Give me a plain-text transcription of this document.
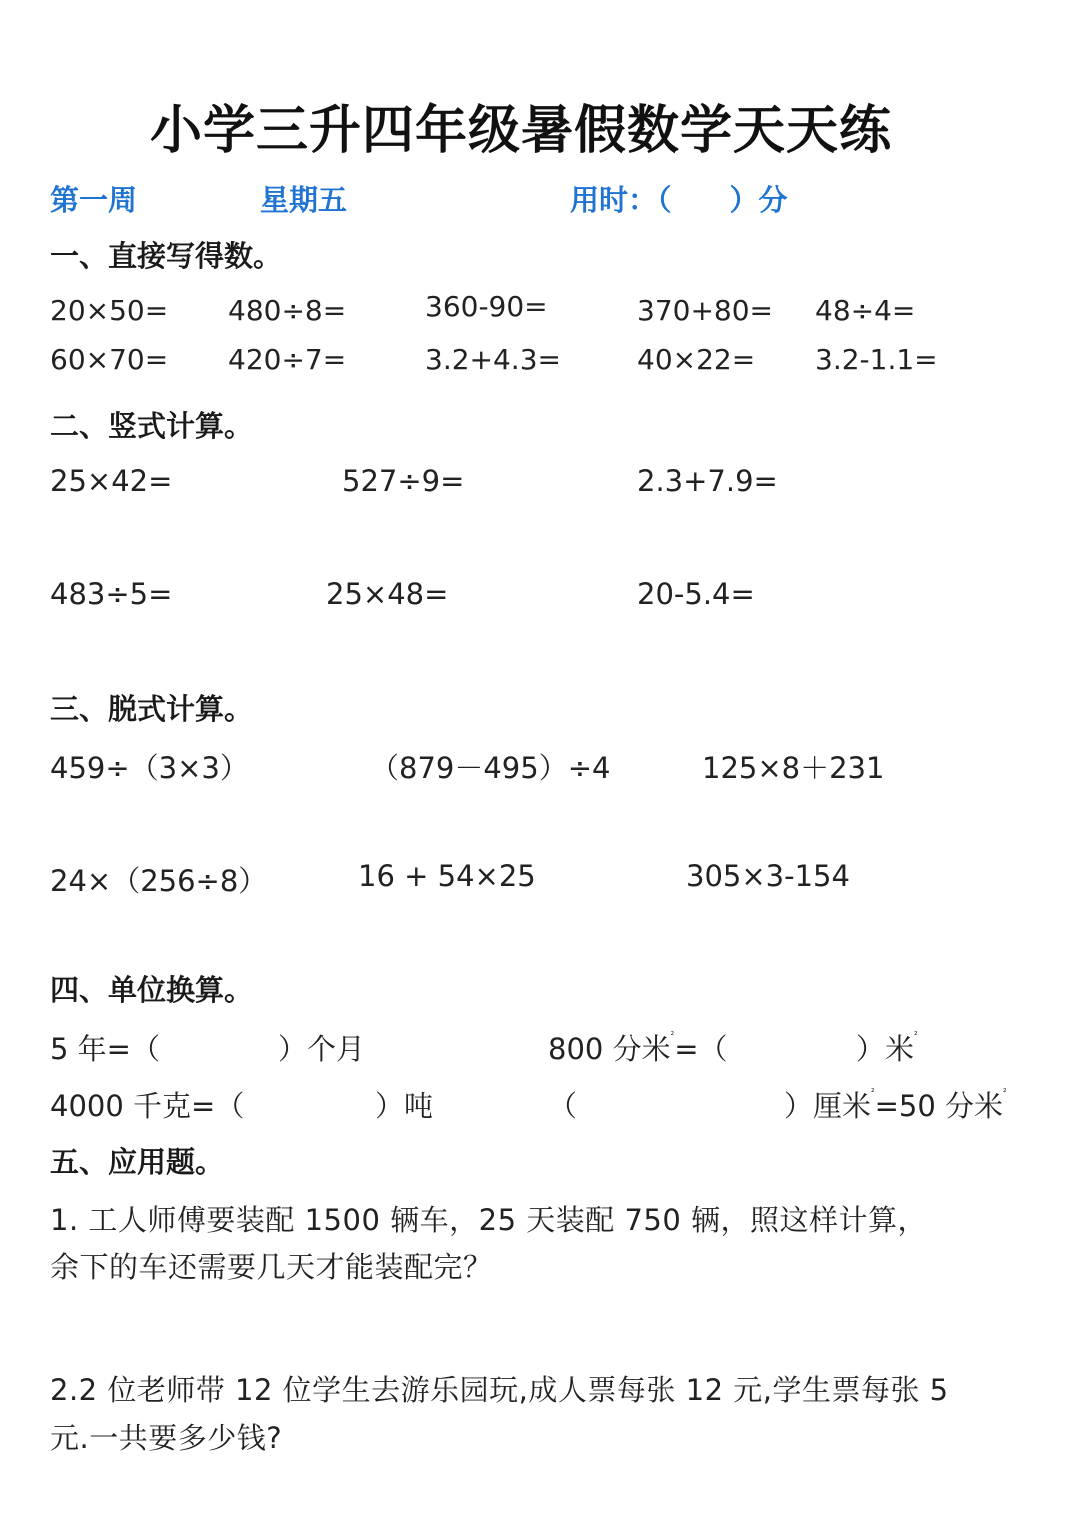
小学三升四年级暑假数学天天练
第一周	星期五	用时：（　　）分
一、直接写得数。
20×50= 480÷8=	360-90=	370+80= 48÷4=
60×70= 420÷7=	3.2+4.3=	40×22= 3.2-1.1=
二、竖式计算。
25×42=	527÷9=	2.3+7.9=
483÷5=	25×48=	20-5.4=
三、脱式计算。
459÷（3×3）	（879－495）÷4	125×8＋231
24×（256÷8）	16 + 54×25	305×3-154
四、单位换算。
5 年=（	）个月	800 分米$^{^2}$=（	）米$^{^2}$
4000 千克=（	）吨	（	）厘米$^{^2}$=50 分米$^{^2}$
五、应用题。
1. 工人师傅要装配 1500 辆车，25 天装配 750 辆，照这样计算，
余下的车还需要几天才能装配完？
2.2 位老师带 12 位学生去游乐园玩,成人票每张 12 元,学生票每张 5
元.一共要多少钱?
